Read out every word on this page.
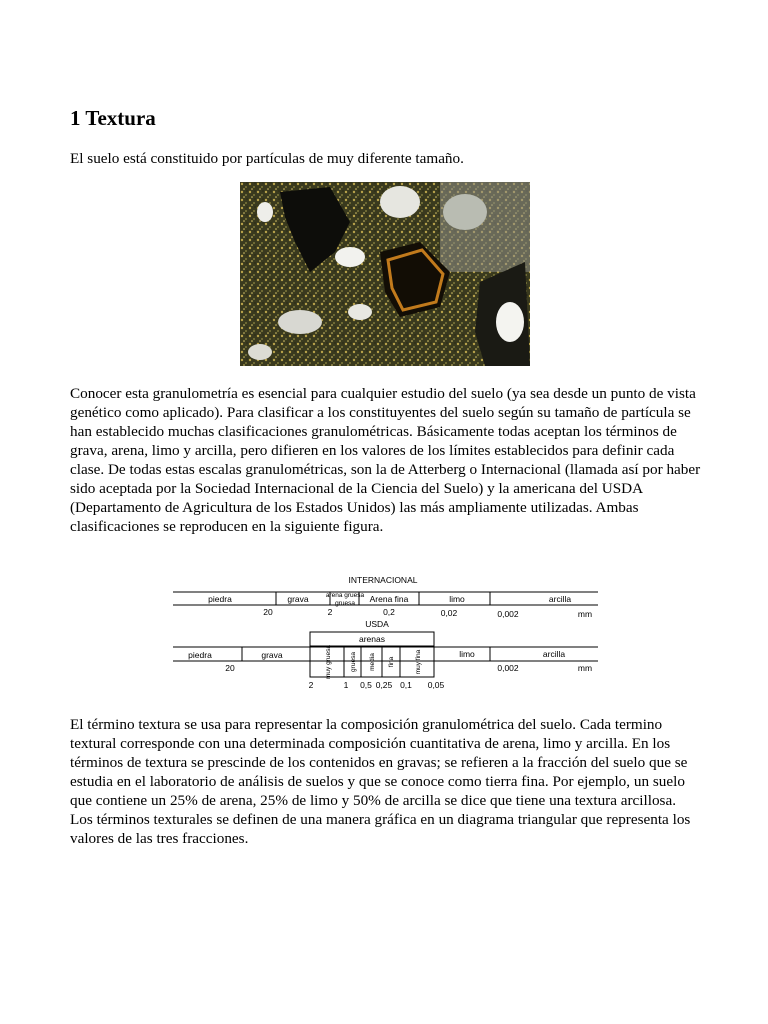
1 Textura

El suelo está constituido por partículas de muy diferente tamaño.

Conocer esta granulometría es esencial para cualquier estudio del suelo (ya sea desde un punto de vista genético como aplicado). Para clasificar a los constituyentes del suelo según su tamaño de partícula se han establecido muchas clasificaciones granulométricas. Básicamente todas aceptan los términos de grava, arena, limo y arcilla, pero difieren en los valores de los límites establecidos para definir cada clase. De todas estas escalas granulométricas, son la de Atterberg o Internacional (llamada así por haber sido aceptada por la Sociedad Internacional de la Ciencia del Suelo) y la americana del USDA (Departamento de Agricultura de los Estados Unidos) las más ampliamente utilizadas. Ambas clasificaciones se reproducen en la siguiente figura.

INTERNACIONAL
piedra	grava	arena gruesa
gruesa Arena fina	limo	arcilla
20	2	0,2	0,02	0,002	mm
USDA
arenas
piedra	grava	limo	arcilla
muy gruesa	gruesa media fina	muy fina
20	0,002	mm
2	1 0,5 0,25 0,1 0,05

El término textura se usa para representar la composición granulométrica del suelo. Cada termino textural corresponde con una determinada composición cuantitativa de arena, limo y arcilla. En los términos de textura se prescinde de los contenidos en gravas; se refieren a la fracción del suelo que se estudia en el laboratorio de análisis de suelos y que se conoce como tierra fina. Por ejemplo, un suelo que contiene un 25% de arena, 25% de limo y 50% de arcilla se dice que tiene una textura arcillosa. Los términos texturales se definen de una manera gráfica en un diagrama triangular que representa los valores de las tres fracciones.
